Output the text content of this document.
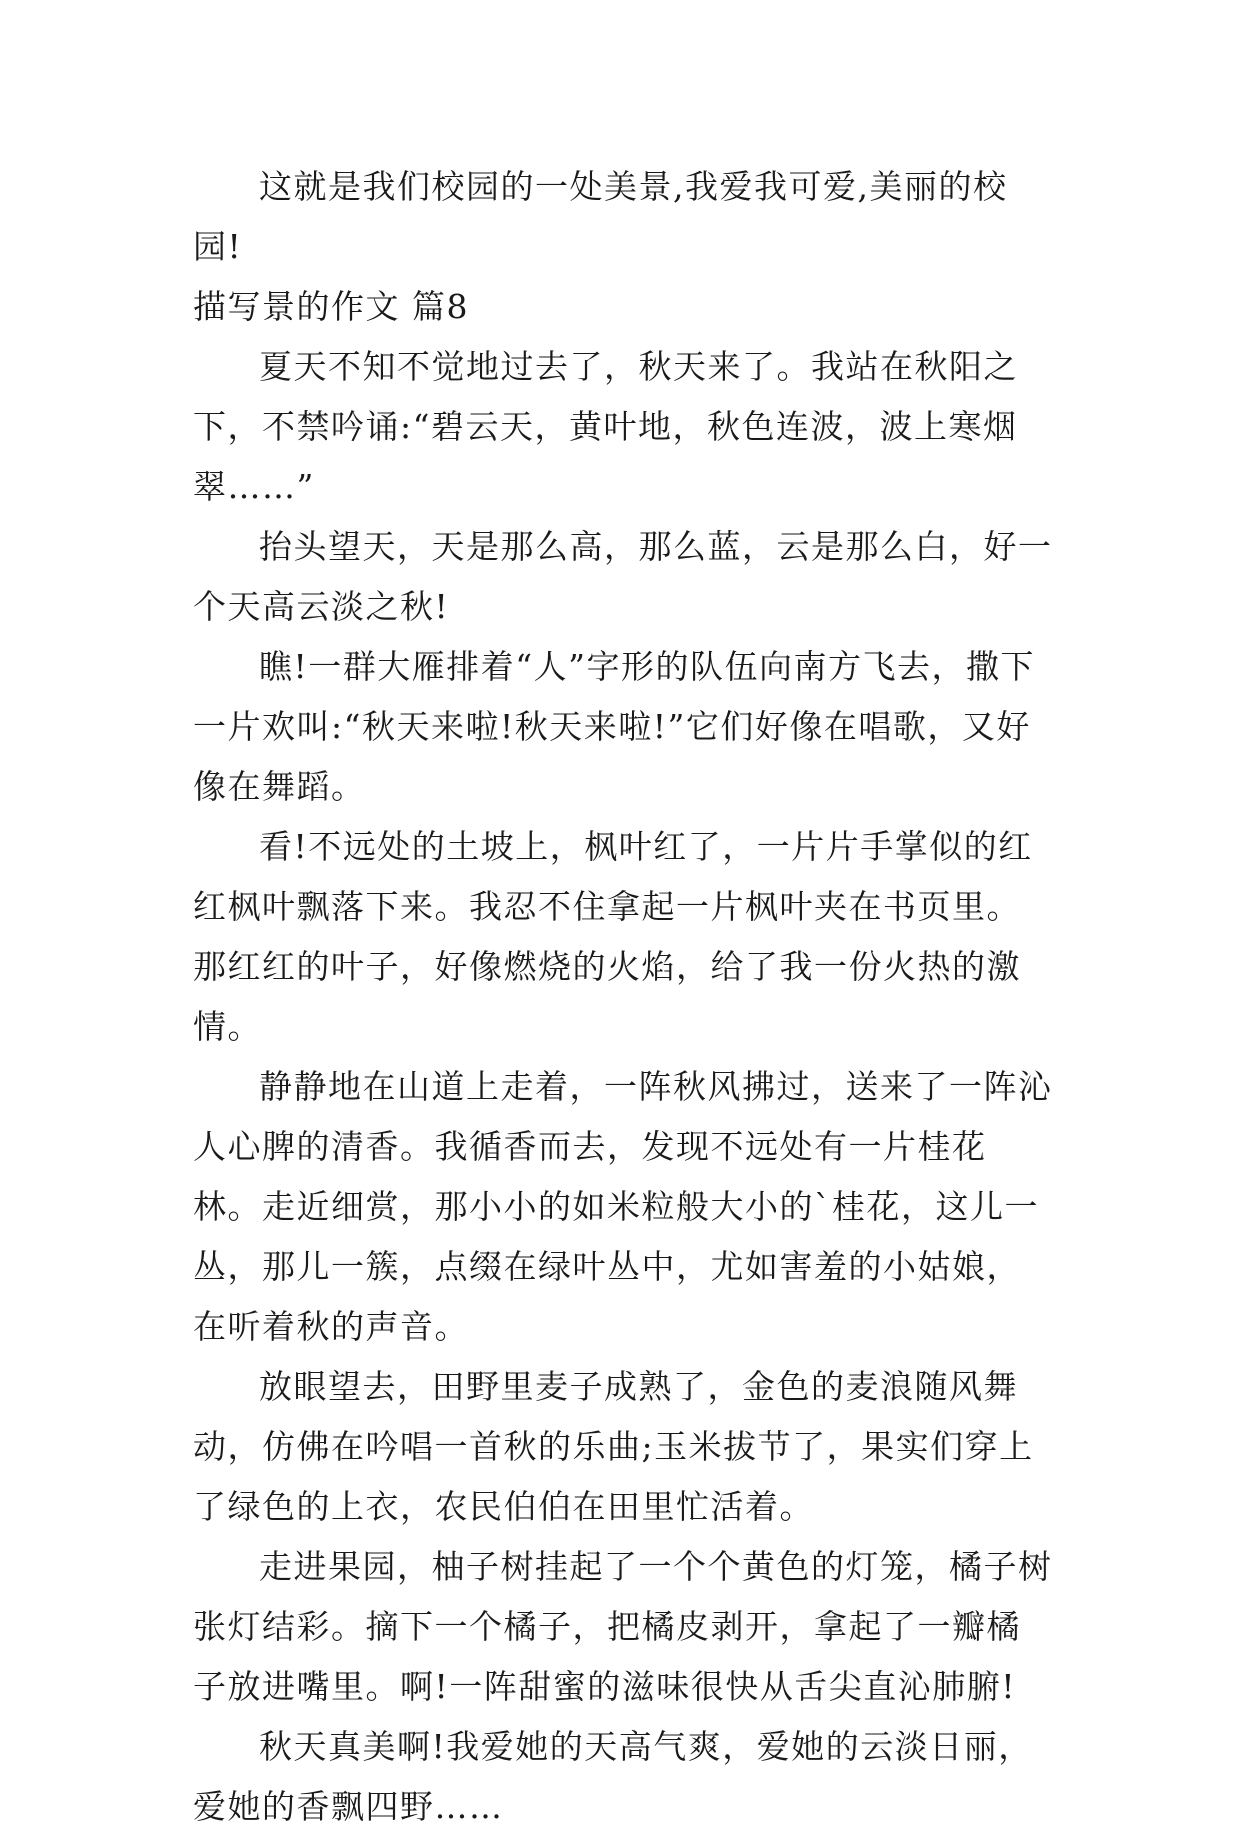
这就是我们校园的一处美景,我爱我可爱,美丽的校园!

描写景的作文 篇8

夏天不知不觉地过去了，秋天来了。我站在秋阳之下，不禁吟诵:“碧云天，黄叶地，秋色连波，波上寒烟翠……”

抬头望天，天是那么高，那么蓝，云是那么白，好一个天高云淡之秋!

瞧!一群大雁排着“人”字形的队伍向南方飞去，撒下一片欢叫:“秋天来啦!秋天来啦!”它们好像在唱歌，又好像在舞蹈。

看!不远处的土坡上，枫叶红了，一片片手掌似的红红枫叶飘落下来。我忍不住拿起一片枫叶夹在书页里。那红红的叶子，好像燃烧的火焰，给了我一份火热的激情。

静静地在山道上走着，一阵秋风拂过，送来了一阵沁人心脾的清香。我循香而去，发现不远处有一片桂花林。走近细赏，那小小的如米粒般大小的`桂花，这儿一丛，那儿一簇，点缀在绿叶丛中，尤如害羞的小姑娘，在听着秋的声音。

放眼望去，田野里麦子成熟了，金色的麦浪随风舞动，仿佛在吟唱一首秋的乐曲;玉米拔节了，果实们穿上了绿色的上衣，农民伯伯在田里忙活着。

走进果园，柚子树挂起了一个个黄色的灯笼，橘子树张灯结彩。摘下一个橘子，把橘皮剥开，拿起了一瓣橘子放进嘴里。啊!一阵甜蜜的滋味很快从舌尖直沁肺腑!

秋天真美啊!我爱她的天高气爽，爱她的云淡日丽，爱她的香飘四野……
